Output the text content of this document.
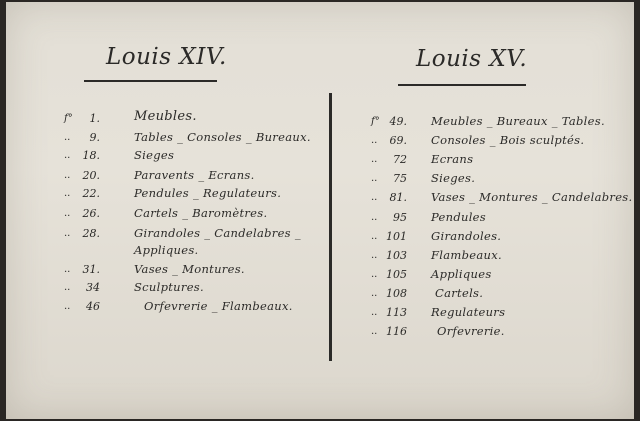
Louis XIV.
f°	1.	Meubles.
..	9.	Tables _ Consoles _ Bureaux.
..	18.	Sieges
..	20.	Paravents _ Ecrans.
..	22.	Pendules _ Regulateurs.
..	26.	Cartels _ Baromètres.
..	28.	Girandoles _ Candelabres _
Appliques.
..	31.	Vases _ Montures.
..	34	Sculptures.
..	46	Orfevrerie _ Flambeaux.
Louis XV.
f° 49. Meubles _ Bureaux _ Tables.
..	69. Consoles _ Bois sculptés.
..	72 Ecrans
..	75 Sieges.
..	81. Vases _ Montures _ Candelabres.
..	95 Pendules
.. 101 Girandoles.
.. 103 Flambeaux.
.. 105 Appliques
.. 108 Cartels.
.. 113 Regulateurs
.. 116	Orfevrerie.
